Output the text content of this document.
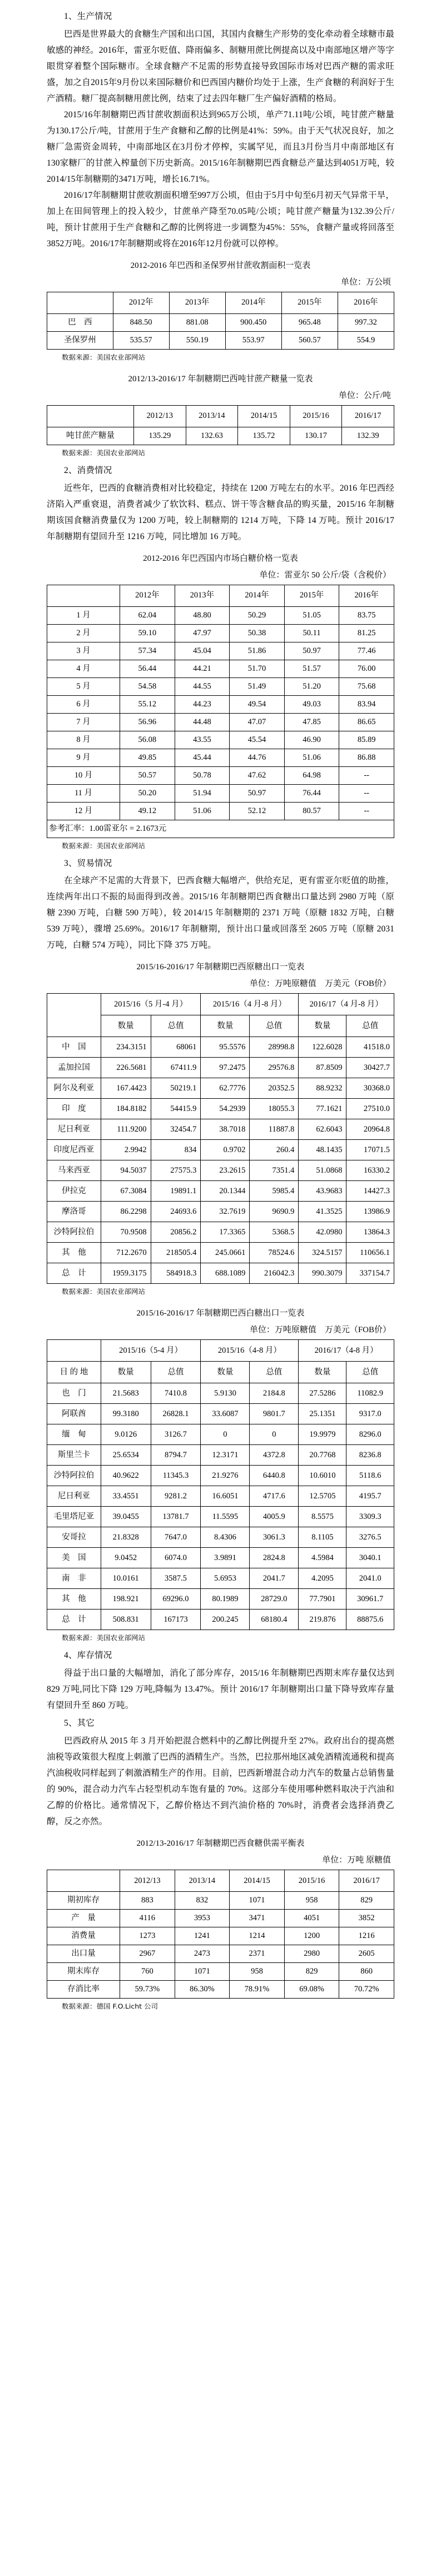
1、生产情况

巴西是世界最大的食糖生产国和出口国，其国内食糖生产形势的变化牵动着全球糖市最敏感的神经。2016年，雷亚尔贬值、降雨偏多、制糖用蔗比例提高以及中南部地区增产等字眼贯穿着整个国际糖市。全球食糖产不足需的形势直接导致国际市场对巴西产糖的需求旺盛，加之自2015年9月份以来国际糖价和巴西国内糖价均处于上涨，生产食糖的利润好于生产酒精。糖厂提高制糖用蔗比例，结束了过去四年糖厂生产偏好酒精的格局。

2015/16年制糖期巴西甘蔗收割面积达到965万公顷，单产71.11吨/公顷，吨甘蔗产糖量为130.17公斤/吨，甘蔗用于生产食糖和乙醇的比例是41%：59%。由于天气状况良好，加之糖厂急需资金周转，中南部地区在3月份才停榨，实属罕见，而且3月份当月中南部地区有130家糖厂的甘蔗入榨量创下历史新高。2015/16年制糖期巴西食糖总产量达到4051万吨，较2014/15年制糖期的3471万吨，增长16.71%。

2016/17年制糖期甘蔗收割面积增至997万公顷，但由于5月中旬至6月初天气异常干旱，加上在田间管理上的投入较少，甘蔗单产降至70.05吨/公顷；吨甘蔗产糖量为132.39公斤/吨，预计甘蔗用于生产食糖和乙醇的比例将进一步调整为45%：55%，食糖产量或将回落至3852万吨。2016/17年制糖期或将在2016年12月份就可以停榨。

2012-2016 年巴西和圣保罗州甘蔗收割面积一览表

单位：万公顷

	2012年	2013年	2014年	2015年	2016年
巴　西	848.50	881.08	900.450	965.48	997.32
圣保罗州	535.57	550.19	553.97	560.57	554.9

数据来源：美国农业部网站

2012/13-2016/17 年制糖期巴西吨甘蔗产糖量一览表

单位：公斤/吨

	2012/13	2013/14	2014/15	2015/16	2016/17
吨甘蔗产糖量	135.29	132.63	135.72	130.17	132.39

数据来源：美国农业部网站

2、消费情况

近些年，巴西的食糖消费相对比较稳定，持续在 1200 万吨左右的水平。2016 年巴西经济陷入严重衰退，消费者减少了软饮料、糕点、饼干等含糖食品的购买量，2015/16 年制糖期该国食糖消费量仅为 1200 万吨，较上制糖期的 1214 万吨，下降 14 万吨。预计 2016/17 年制糖期有望回升至 1216 万吨，同比增加 16 万吨。

2012-2016 年巴西国内市场白糖价格一览表

单位：雷亚尔 50 公斤/袋（含税价）

	2012年	2013年	2014年	2015年	2016年
1 月	62.04	48.80	50.29	51.05	83.75
2 月	59.10	47.97	50.38	50.11	81.25
3 月	57.34	45.04	51.86	50.97	77.46
4 月	56.44	44.21	51.70	51.57	76.00
5 月	54.58	44.55	51.49	51.20	75.68
6 月	55.12	44.23	49.54	49.03	83.94
7 月	56.96	44.48	47.07	47.85	86.65
8 月	56.08	43.55	45.54	46.90	85.89
9 月	49.85	45.44	44.76	51.06	86.88
10 月	50.57	50.78	47.62	64.98	--
11 月	50.20	51.94	50.97	76.44	--
12 月	49.12	51.06	52.12	80.57	--
参考汇率：1.00雷亚尔 = 2.1673元					

数据来源：美国农业部网站

3、贸易情况

在全球产不足需的大背景下，巴西食糖大幅增产，供给充足，更有雷亚尔贬值的助推，连续两年出口不振的局面得到改善。2015/16 年制糖期巴西食糖出口量达到 2980 万吨（原糖 2390 万吨，白糖 590 万吨），较 2014/15 年制糖期的 2371 万吨（原糖 1832 万吨，白糖 539 万吨），骤增 25.69%。2016/17 年制糖期，预计出口量或回落至 2605 万吨（原糖 2031 万吨，白糖 574 万吨），同比下降 375 万吨。

2015/16-2016/17 年制糖期巴西原糖出口一览表

单位：万吨原糖值　万美元（FOB价）

	2015/16（5 月-4 月）		2015/16（4 月-8 月）		2016/17（4 月-8 月）	
	数量	总值	数量	总值	数量	总值
中　国	234.3151	68061	95.5576	28998.8	122.6028	41518.0
孟加拉国	226.5681	67411.9	97.2475	29576.8	87.8509	30427.7
阿尔及利亚	167.4423	50219.1	62.7776	20352.5	88.9232	30368.0
印　度	184.8182	54415.9	54.2939	18055.3	77.1621	27510.0
尼日利亚	111.9200	32454.7	38.7018	11887.8	62.6043	20964.8
印度尼西亚	2.9942	834	0.9702	260.4	48.1435	17071.5
马来西亚	94.5037	27575.3	23.2615	7351.4	51.0868	16330.2
伊拉克	67.3084	19891.1	20.1344	5985.4	43.9683	14427.3
摩洛哥	86.2298	24693.6	32.7619	9690.9	41.3525	13986.9
沙特阿拉伯	70.9508	20856.2	17.3365	5368.5	42.0980	13864.3
其　他	712.2670	218505.4	245.0661	78524.6	324.5157	110656.1
总　计	1959.3175	584918.3	688.1089	216042.3	990.3079	337154.7

数据来源：美国农业部网站

2015/16-2016/17 年制糖期巴西白糖出口一览表

单位：万吨原糖值　万美元（FOB价）

	2015/16（5-4 月）		2015/16（4-8 月）		2016/17（4-8 月）	
目 的 地	数量	总值	数量	总值	数量	总值
也　门	21.5683	7410.8	5.9130	2184.8	27.5286	11082.9
阿联酋	99.3180	26828.1	33.6087	9801.7	25.1351	9317.0
缅　甸	9.0126	3126.7	0	0	19.9979	8296.0
斯里兰卡	25.6534	8794.7	12.3171	4372.8	20.7768	8236.8
沙特阿拉伯	40.9622	11345.3	21.9276	6440.8	10.6010	5118.6
尼日利亚	33.4551	9281.2	16.6051	4717.6	12.5705	4195.7
毛里塔尼亚	39.0455	13781.7	11.5595	4005.9	8.5575	3309.3
安哥拉	21.8328	7647.0	8.4306	3061.3	8.1105	3276.5
美　国	9.0452	6074.0	3.9891	2824.8	4.5984	3040.1
南　非	10.0161	3587.5	5.6953	2041.7	4.2095	2041.0
其　他	198.921	69296.0	80.1989	28729.0	77.7901	30961.7
总　计	508.831	167173	200.245	68180.4	219.876	88875.6

数据来源：美国农业部网站

4、库存情况

得益于出口量的大幅增加，消化了部分库存，2015/16 年制糖期巴西期末库存量仅达到 829 万吨,同比下降 129 万吨,降幅为 13.47%。预计 2016/17 年制糖期出口量下降导致库存量有望回升至 860 万吨。

5、其它

巴西政府从 2015 年 3 月开始把混合燃料中的乙醇比例提升至 27%。政府出台的提高燃油税等政策很大程度上刺激了巴西的酒精生产。当然，巴拉那州地区减免酒精流通税和提高汽油税收同样起到了刺激酒精生产的作用。目前，巴西新增混合动力汽车的数量占总销售量的 90%，混合动力汽车占轻型机动车饱有量的 70%。这部分车使用哪种燃料取决于汽油和乙醇的价格比。通常情况下，乙醇价格达不到汽油价格的 70%时，消费者会选择消费乙醇，反之亦然。

2012/13-2016/17 年制糖期巴西食糖供需平衡表

单位：万吨 原糖值

	2012/13	2013/14	2014/15	2015/16	2016/17
期初库存	883	832	1071	958	829
产　量	4116	3953	3471	4051	3852
消费量	1273	1241	1214	1200	1216
出口量	2967	2473	2371	2980	2605
期末库存	760	1071	958	829	860
存消比率	59.73%	86.30%	78.91%	69.08%	70.72%

数据来源：德国 F.O.Licht 公司
